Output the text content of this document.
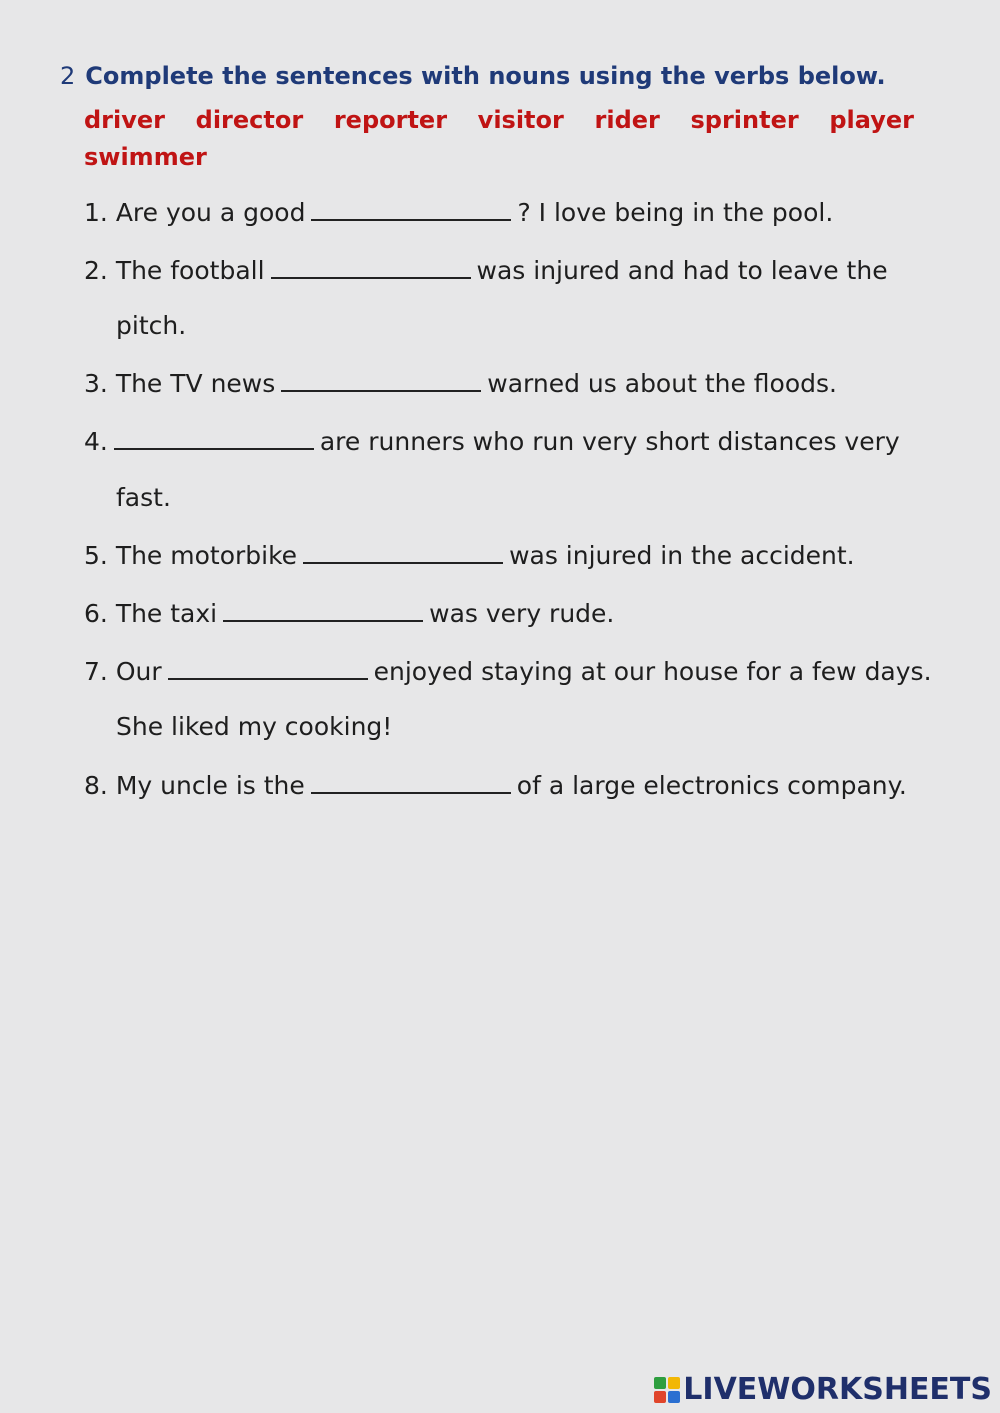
2 Complete the sentences with nouns using the verbs below.
driver director reporter visitor rider sprinter player
swimmer
1. Are you a good	? I love being in the pool.
2. The football	was injured and had to leave the
pitch.
3. The TV news	warned us about the floods.
4.	are runners who run very short distances very
fast.
5. The motorbike	was injured in the accident.
6. The taxi	was very rude.
7. Our	enjoyed staying at our house for a few days.
She liked my cooking!
8. My uncle is the	of a large electronics company.
LIVEWORKSHEETS
